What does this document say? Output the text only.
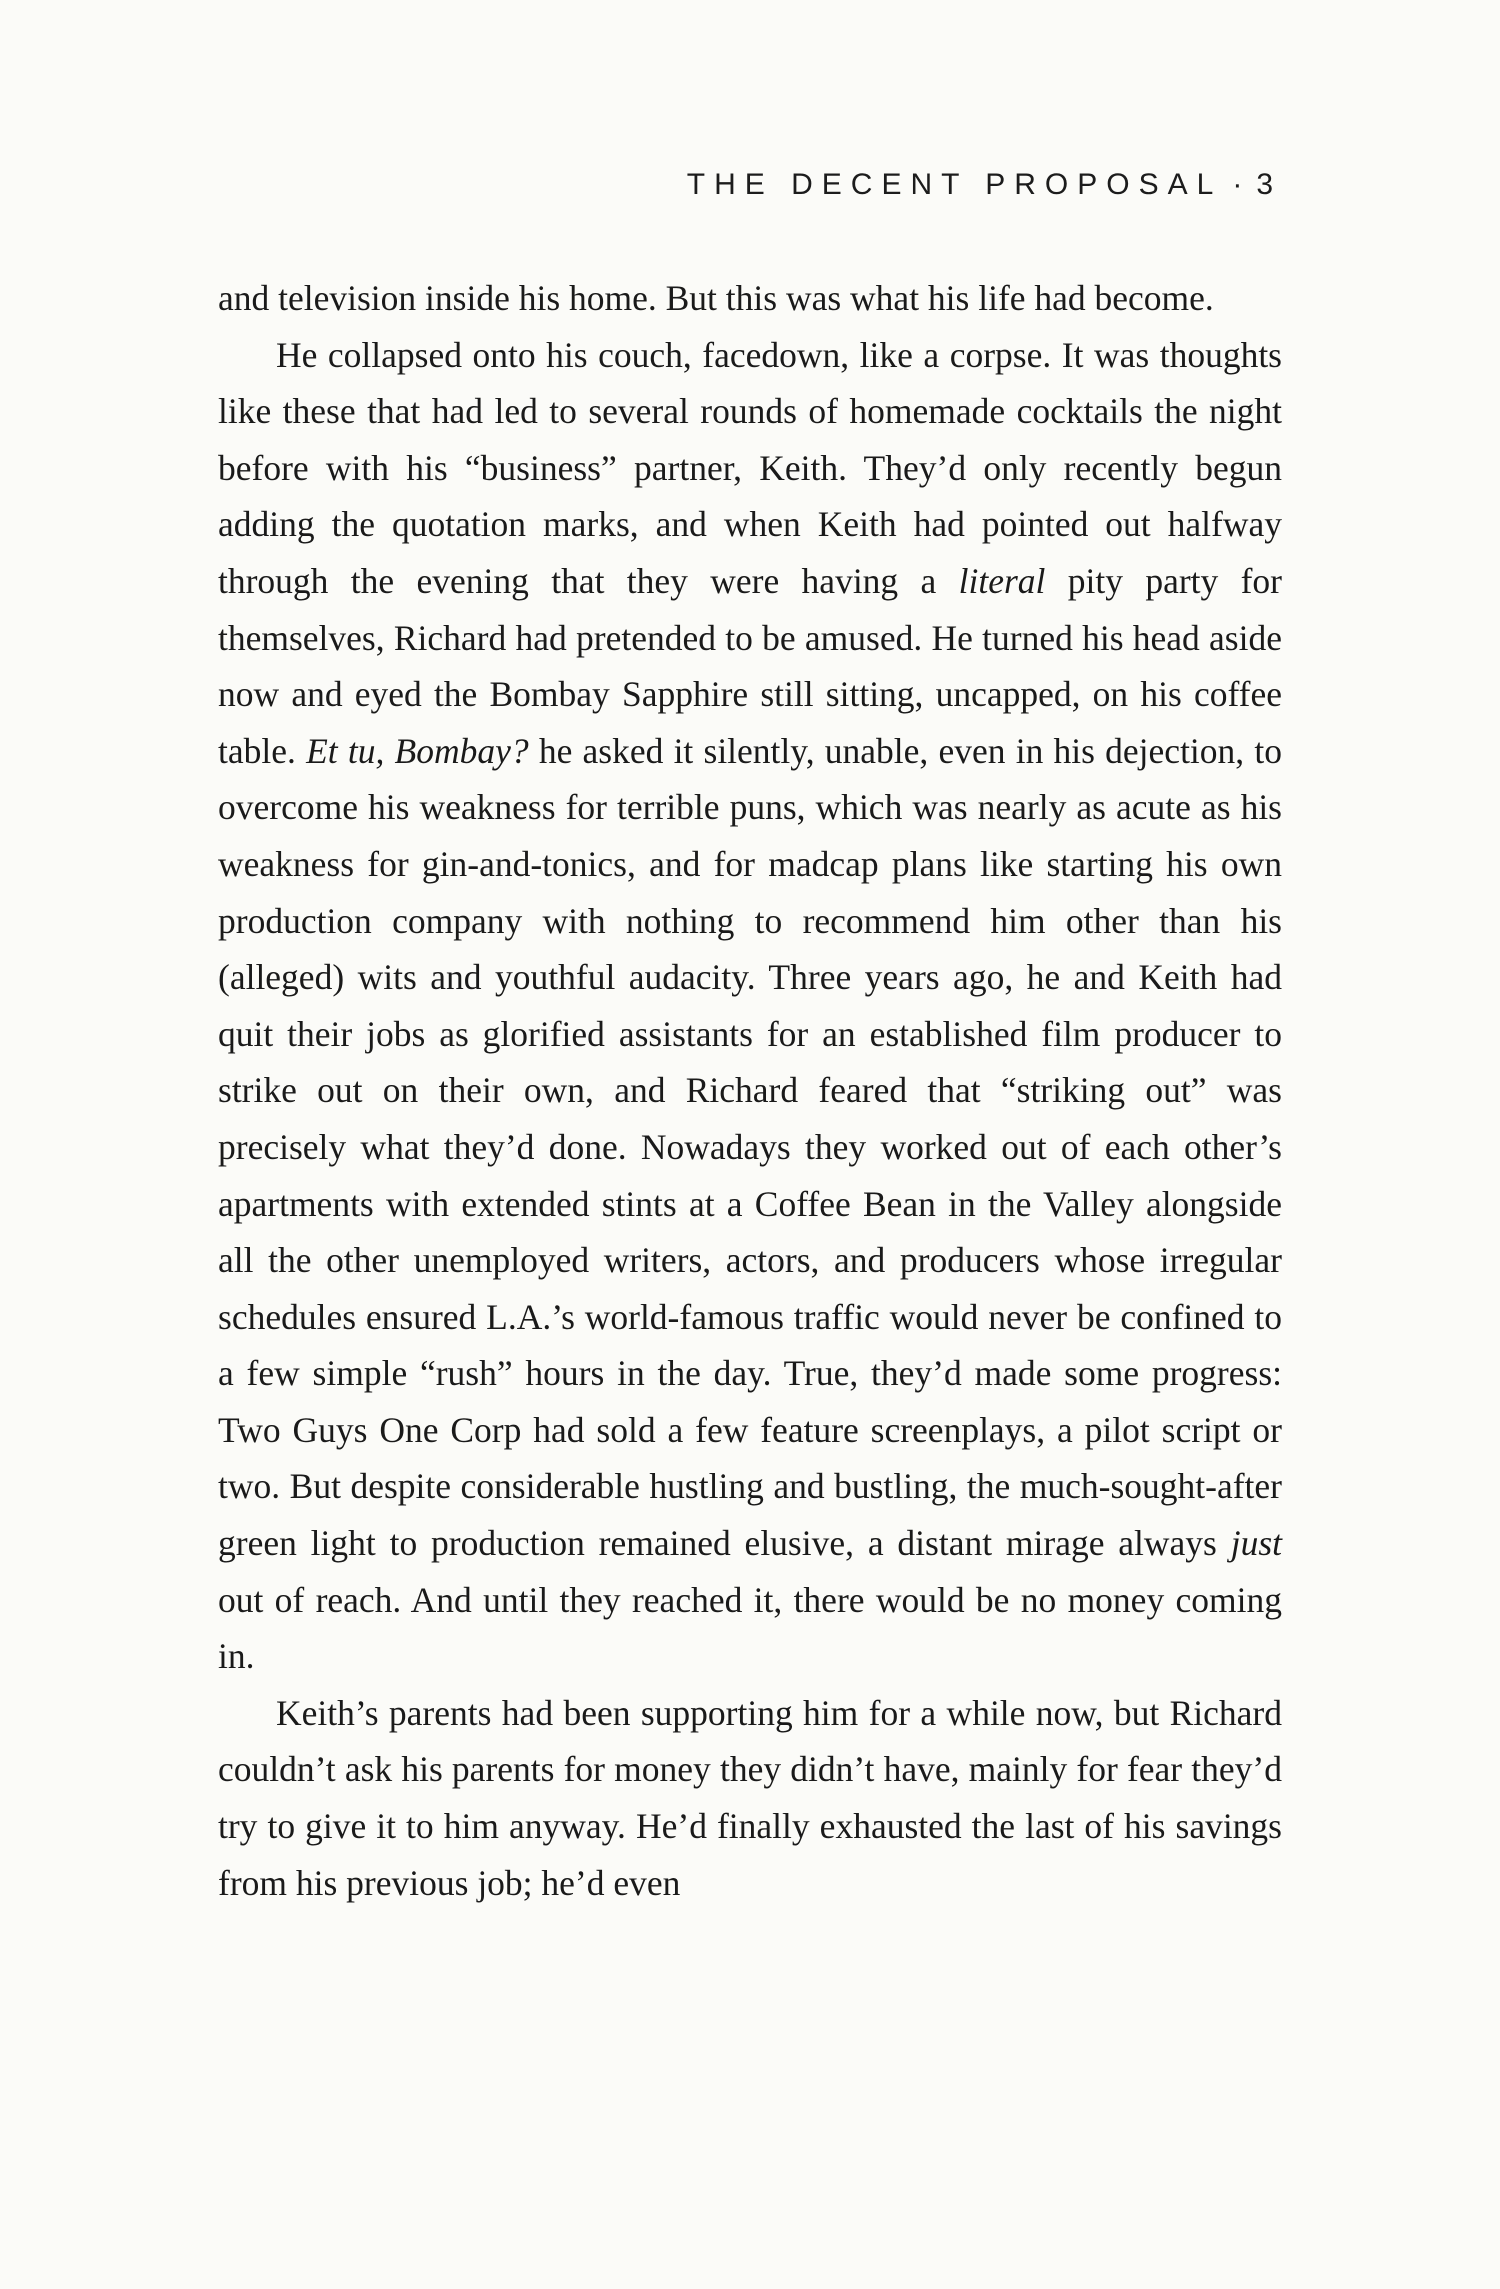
THE DECENT PROPOSAL · 3

and television inside his home. But this was what his life had become.

He collapsed onto his couch, facedown, like a corpse. It was thoughts like these that had led to several rounds of homemade cocktails the night before with his “business” partner, Keith. They’d only recently begun adding the quotation marks, and when Keith had pointed out halfway through the evening that they were having a literal pity party for themselves, Richard had pretended to be amused. He turned his head aside now and eyed the Bombay Sapphire still sitting, uncapped, on his coffee table. Et tu, Bombay? he asked it silently, unable, even in his dejection, to overcome his weakness for terrible puns, which was nearly as acute as his weakness for gin-and-tonics, and for madcap plans like starting his own production company with nothing to recommend him other than his (alleged) wits and youthful audacity. Three years ago, he and Keith had quit their jobs as glorified assistants for an established film producer to strike out on their own, and Richard feared that “striking out” was precisely what they’d done. Nowadays they worked out of each other’s apartments with extended stints at a Coffee Bean in the Valley alongside all the other unemployed writers, actors, and producers whose irregular schedules ensured L.A.’s world-famous traffic would never be confined to a few simple “rush” hours in the day. True, they’d made some progress: Two Guys One Corp had sold a few feature screenplays, a pilot script or two. But despite considerable hustling and bustling, the much-sought-after green light to production remained elusive, a distant mirage always just out of reach. And until they reached it, there would be no money coming in.

Keith’s parents had been supporting him for a while now, but Richard couldn’t ask his parents for money they didn’t have, mainly for fear they’d try to give it to him anyway. He’d finally exhausted the last of his savings from his previous job; he’d even
